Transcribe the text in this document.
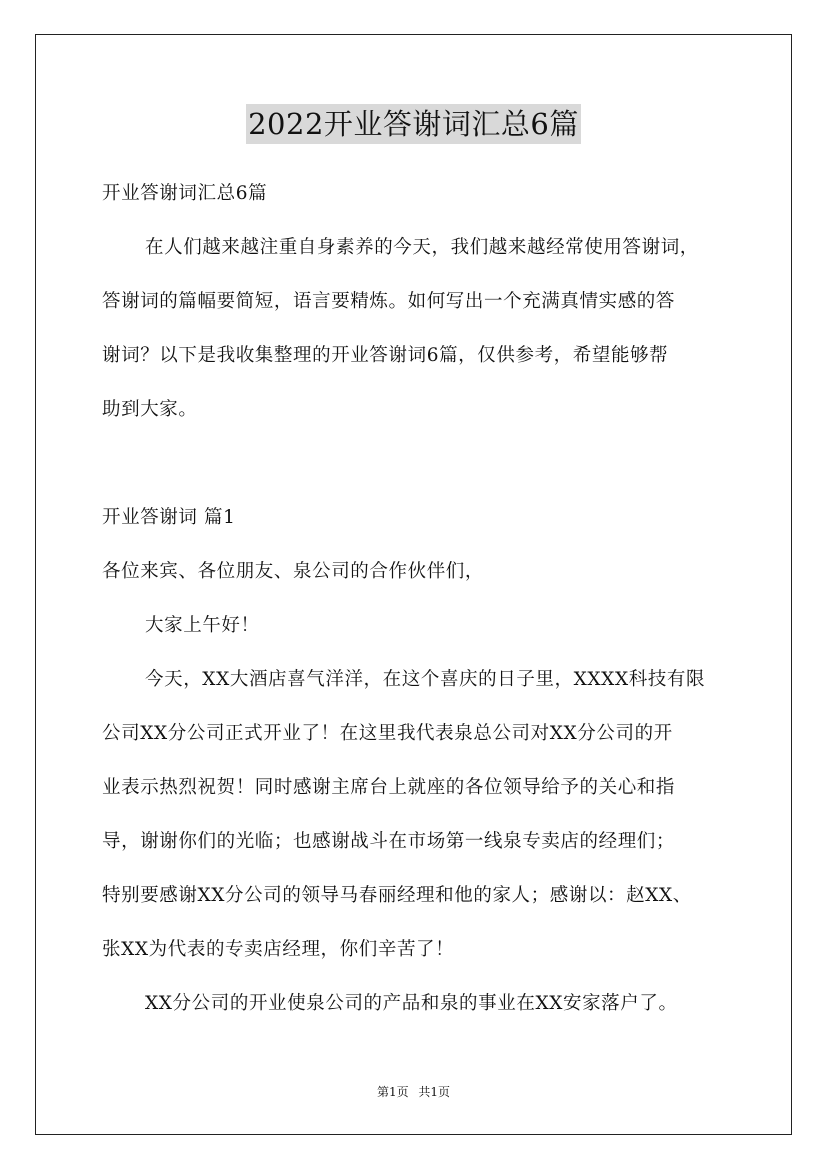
2022开业答谢词汇总6篇
开业答谢词汇总6篇
在人们越来越注重自身素养的今天，我们越来越经常使用答谢词，
答谢词的篇幅要简短，语言要精炼。如何写出一个充满真情实感的答
谢词？以下是我收集整理的开业答谢词6篇，仅供参考，希望能够帮
助到大家。
开业答谢词 篇1
各位来宾、各位朋友、泉公司的合作伙伴们，
大家上午好！
今天，XX大酒店喜气洋洋，在这个喜庆的日子里，XXXX科技有限
公司XX分公司正式开业了！在这里我代表泉总公司对XX分公司的开
业表示热烈祝贺！同时感谢主席台上就座的各位领导给予的关心和指
导，谢谢你们的光临；也感谢战斗在市场第一线泉专卖店的经理们；
特别要感谢XX分公司的领导马春丽经理和他的家人；感谢以：赵XX、
张XX为代表的专卖店经理，你们辛苦了！
XX分公司的开业使泉公司的产品和泉的事业在XX安家落户了。
第1页 共1页
